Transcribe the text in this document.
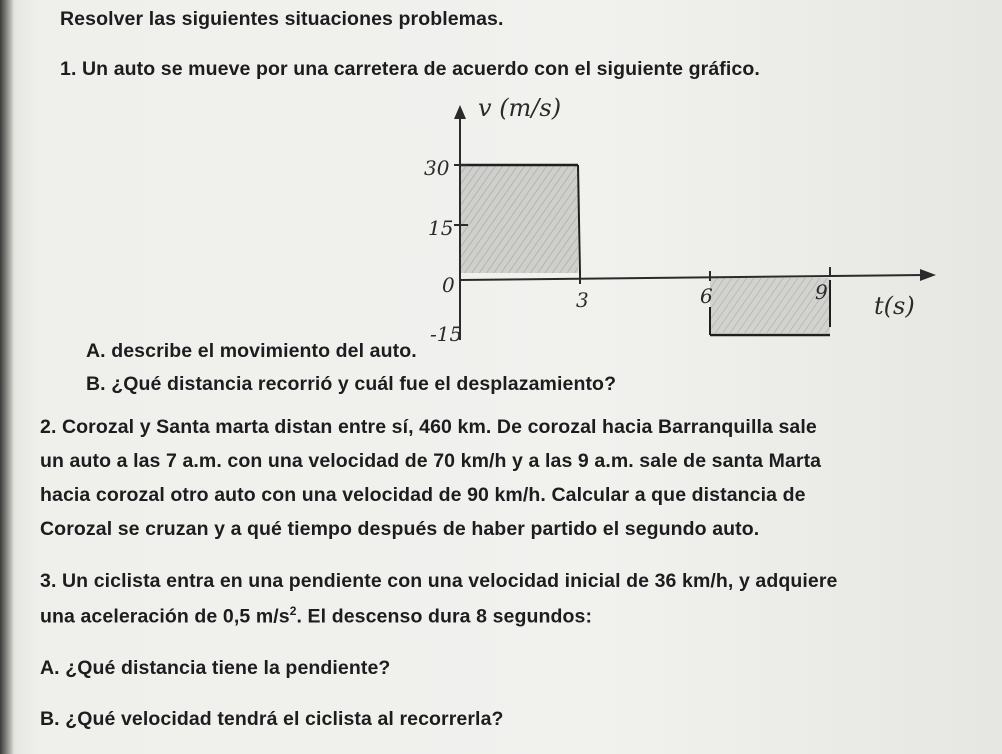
Resolver las siguientes situaciones problemas.
1. Un auto se mueve por una carretera de acuerdo con el siguiente gráfico.
v (m/s)
30
15
0
-15
3	6	9 t(s)
A. describe el movimiento del auto.
B. ¿Qué distancia recorrió y cuál fue el desplazamiento?
2. Corozal y Santa marta distan entre sí, 460 km. De corozal hacia Barranquilla sale
un auto a las 7 a.m. con una velocidad de 70 km/h y a las 9 a.m. sale de santa Marta
hacia corozal otro auto con una velocidad de 90 km/h. Calcular a que distancia de
Corozal se cruzan y a qué tiempo después de haber partido el segundo auto.
3. Un ciclista entra en una pendiente con una velocidad inicial de 36 km/h, y adquiere
una aceleración de 0,5 $m/s^2$. El descenso dura 8 segundos:
A. ¿Qué distancia tiene la pendiente?
B. ¿Qué velocidad tendrá el ciclista al recorrerla?
